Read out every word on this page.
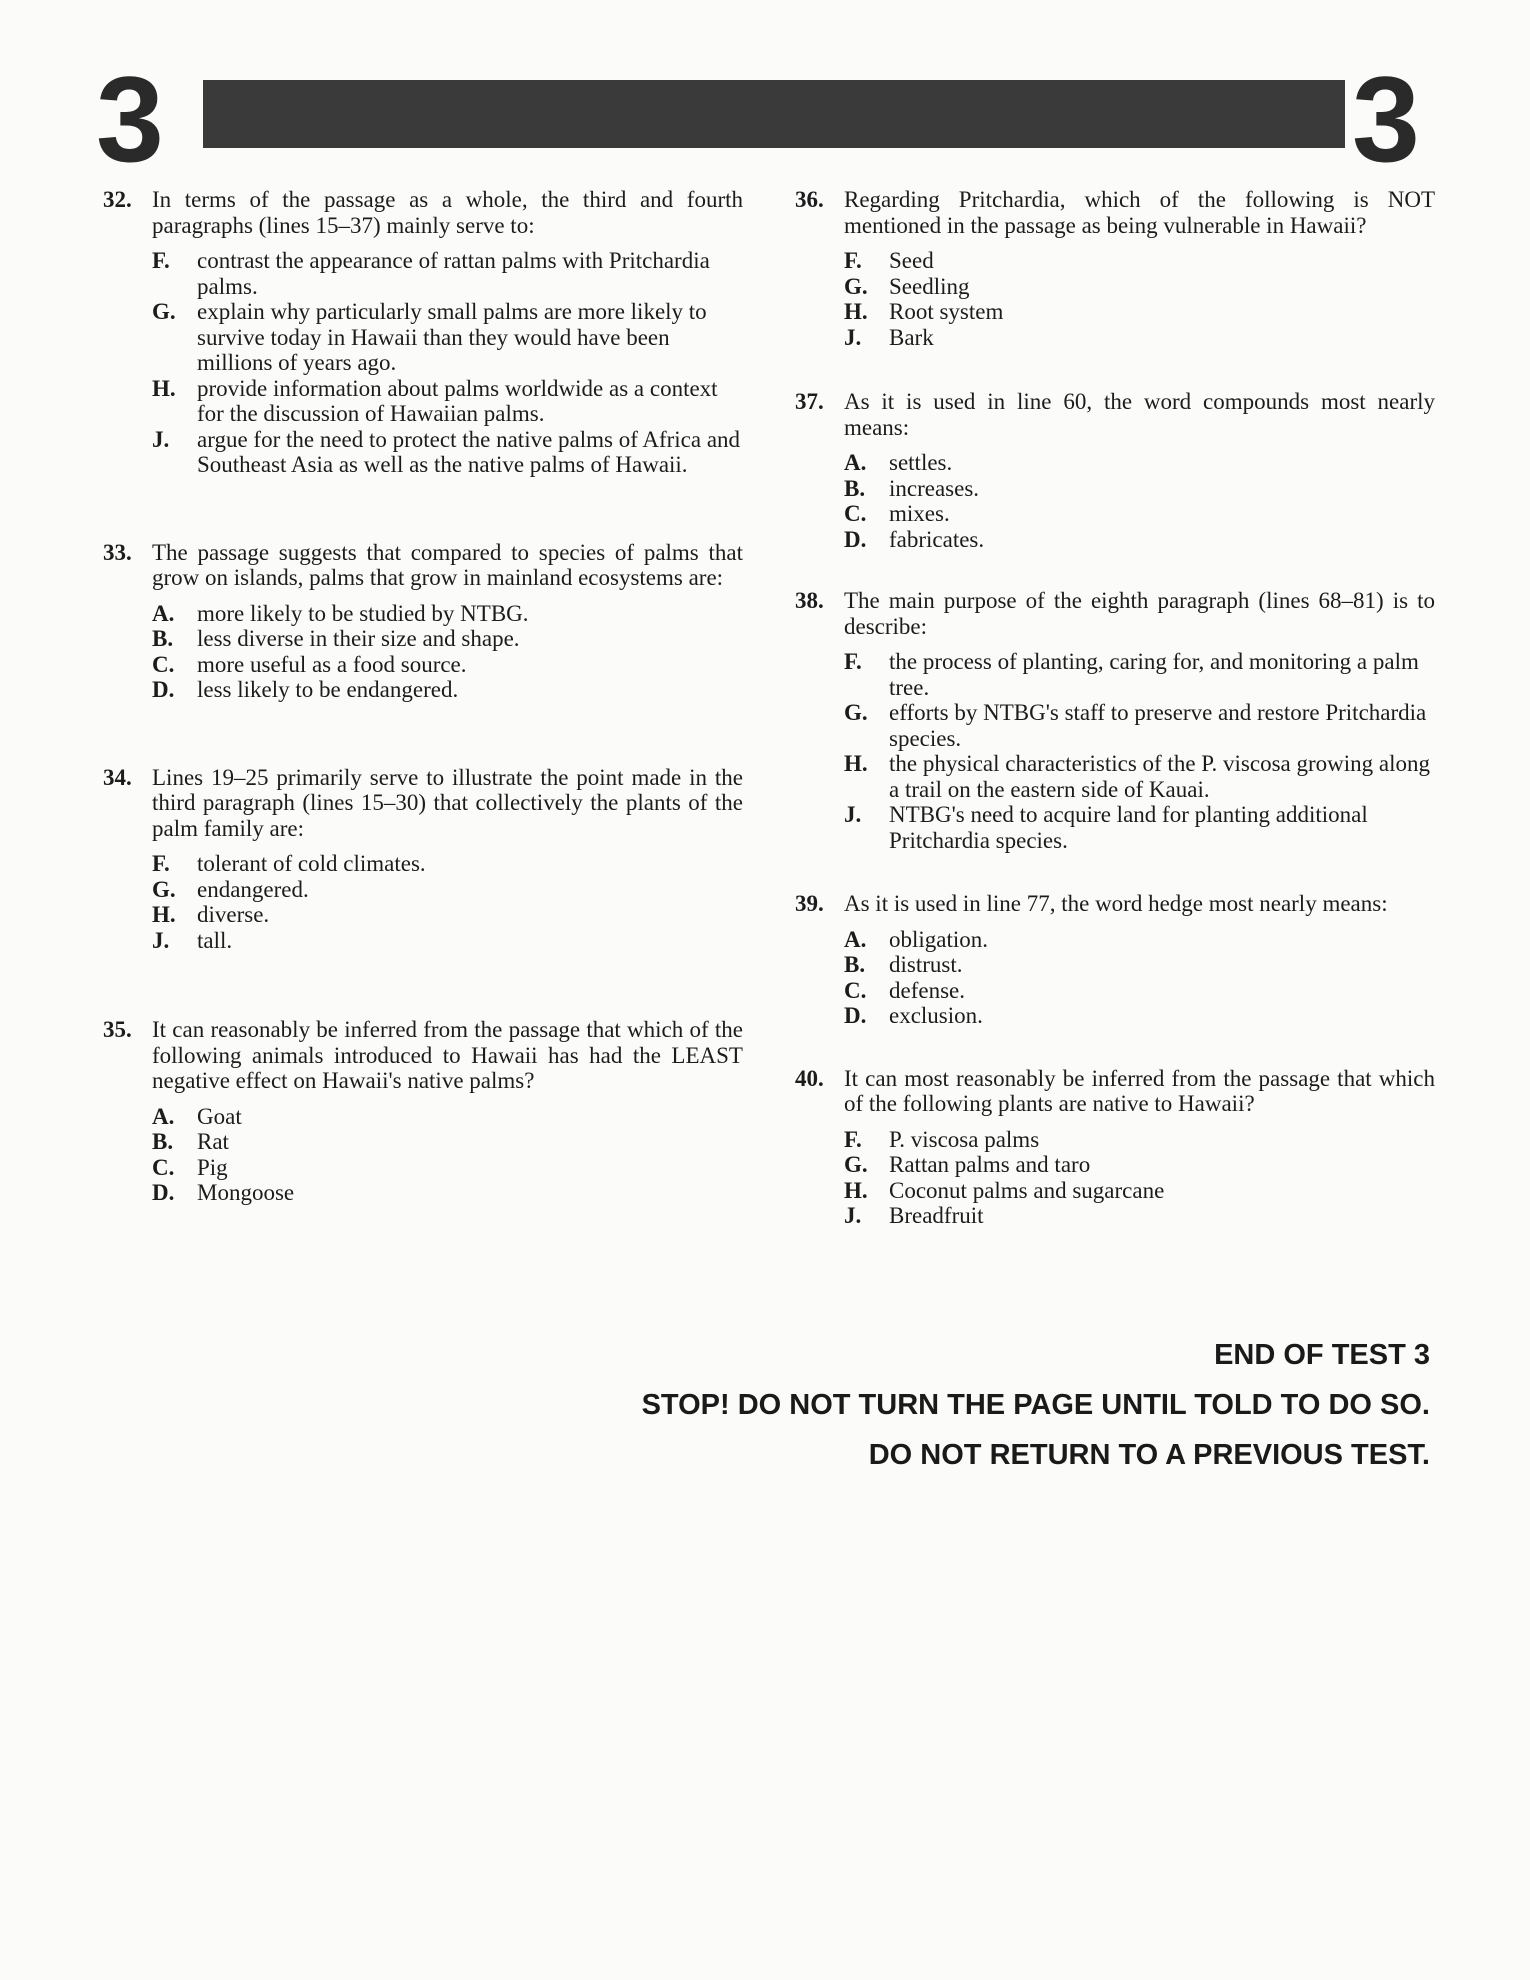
3	3
32. In terms of the passage as a whole, the third and fourth paragraphs (lines 15–37) mainly serve to:
F.	contrast the appearance of rattan palms with Pritchardia palms.
G. explain why particularly small palms are more likely to survive today in Hawaii than they would have been millions of years ago.
H. provide information about palms worldwide as a context for the discussion of Hawaiian palms.
J.	argue for the need to protect the native palms of Africa and Southeast Asia as well as the native palms of Hawaii.
33. The passage suggests that compared to species of palms that grow on islands, palms that grow in mainland ecosystems are:
A. more likely to be studied by NTBG.
B.	less diverse in their size and shape.
C. more useful as a food source.
D. less likely to be endangered.
34. Lines 19–25 primarily serve to illustrate the point made in the third paragraph (lines 15–30) that collectively the plants of the palm family are:
F.	tolerant of cold climates.
G. endangered.
H. diverse.
J.	tall.
35. It can reasonably be inferred from the passage that which of the following animals introduced to Hawaii has had the LEAST negative effect on Hawaii's native palms?
A. Goat
B.	Rat
C. Pig
D. Mongoose
36. Regarding Pritchardia, which of the following is NOT mentioned in the passage as being vulnerable in Hawaii?
F.	Seed
G. Seedling
H. Root system
J.	Bark
37. As it is used in line 60, the word compounds most nearly means:
A. settles.
B.	increases.
C. mixes.
D. fabricates.
38. The main purpose of the eighth paragraph (lines 68–81) is to describe:
F.	the process of planting, caring for, and monitoring a palm tree.
G. efforts by NTBG's staff to preserve and restore Pritchardia species.
H. the physical characteristics of the P. viscosa growing along a trail on the eastern side of Kauai.
J.	NTBG's need to acquire land for planting additional Pritchardia species.
39. As it is used in line 77, the word hedge most nearly means:
A. obligation.
B.	distrust.
C. defense.
D. exclusion.
40. It can most reasonably be inferred from the passage that which of the following plants are native to Hawaii?
F.	P. viscosa palms
G. Rattan palms and taro
H. Coconut palms and sugarcane
J.	Breadfruit
END OF TEST 3
STOP! DO NOT TURN THE PAGE UNTIL TOLD TO DO SO.
DO NOT RETURN TO A PREVIOUS TEST.
